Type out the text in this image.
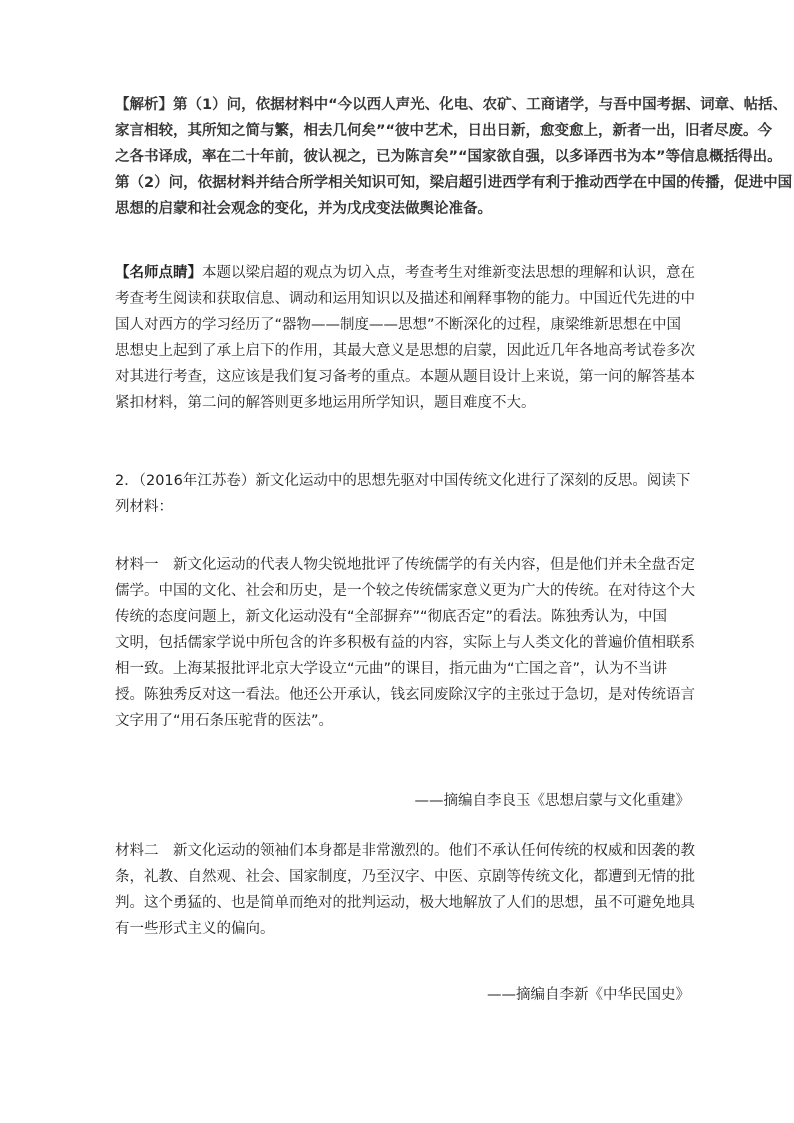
【解析】第（1）问，依据材料中“今以西人声光、化电、农矿、工商诸学，与吾中国考据、词章、帖括、
家言相较，其所知之简与繁，相去几何矣”“彼中艺术，日出日新，愈变愈上，新者一出，旧者尽废。今
之各书译成，率在二十年前，彼认视之，已为陈言矣”“国家欲自强，以多译西书为本”等信息概括得出。
第（2）问，依据材料并结合所学相关知识可知，梁启超引进西学有利于推动西学在中国的传播，促进中国
思想的启蒙和社会观念的变化，并为戊戌变法做舆论准备。
【名师点睛】本题以梁启超的观点为切入点，考查考生对维新变法思想的理解和认识，意在
考查考生阅读和获取信息、调动和运用知识以及描述和阐释事物的能力。中国近代先进的中
国人对西方的学习经历了“器物——制度——思想”不断深化的过程，康梁维新思想在中国
思想史上起到了承上启下的作用，其最大意义是思想的启蒙，因此近几年各地高考试卷多次
对其进行考查，这应该是我们复习备考的重点。本题从题目设计上来说，第一问的解答基本
紧扣材料，第二问的解答则更多地运用所学知识，题目难度不大。
2．（2016年江苏卷）新文化运动中的思想先驱对中国传统文化进行了深刻的反思。阅读下
列材料：
材料一　新文化运动的代表人物尖锐地批评了传统儒学的有关内容，但是他们并未全盘否定
儒学。中国的文化、社会和历史，是一个较之传统儒家意义更为广大的传统。在对待这个大
传统的态度问题上，新文化运动没有“全部摒弃”“彻底否定”的看法。陈独秀认为，中国
文明，包括儒家学说中所包含的许多积极有益的内容，实际上与人类文化的普遍价值相联系
相一致。上海某报批评北京大学设立“元曲”的课目，指元曲为“亡国之音”，认为不当讲
授。陈独秀反对这一看法。他还公开承认，钱玄同废除汉字的主张过于急切，是对传统语言
文字用了“用石条压驼背的医法”。
——摘编自李良玉《思想启蒙与文化重建》
材料二　新文化运动的领袖们本身都是非常激烈的。他们不承认任何传统的权威和因袭的教
条，礼教、自然观、社会、国家制度，乃至汉字、中医、京剧等传统文化，都遭到无情的批
判。这个勇猛的、也是简单而绝对的批判运动，极大地解放了人们的思想，虽不可避免地具
有一些形式主义的偏向。
——摘编自李新《中华民国史》
